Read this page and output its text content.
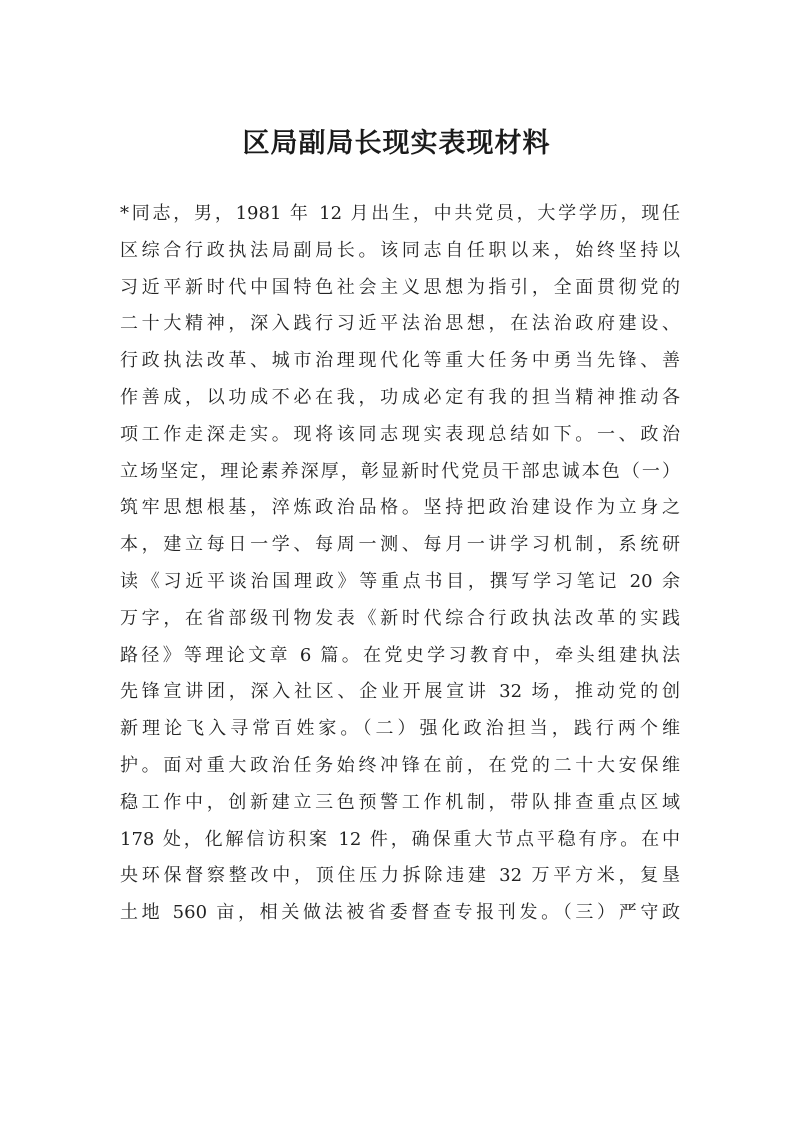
区局副局长现实表现材料
*同志，男，1981 年 12 月出生，中共党员，大学学历，现任
区综合行政执法局副局长。该同志自任职以来，始终坚持以
习近平新时代中国特色社会主义思想为指引，全面贯彻党的
二十大精神，深入践行习近平法治思想，在法治政府建设、
行政执法改革、城市治理现代化等重大任务中勇当先锋、善
作善成，以功成不必在我，功成必定有我的担当精神推动各
项工作走深走实。现将该同志现实表现总结如下。一、政治
立场坚定，理论素养深厚，彰显新时代党员干部忠诚本色（一）
筑牢思想根基，淬炼政治品格。坚持把政治建设作为立身之
本，建立每日一学、每周一测、每月一讲学习机制，系统研
读《习近平谈治国理政》等重点书目，撰写学习笔记 20 余
万字，在省部级刊物发表《新时代综合行政执法改革的实践
路径》等理论文章 6 篇。在党史学习教育中，牵头组建执法
先锋宣讲团，深入社区、企业开展宣讲 32 场，推动党的创
新理论飞入寻常百姓家。（二）强化政治担当，践行两个维
护。面对重大政治任务始终冲锋在前，在党的二十大安保维
稳工作中，创新建立三色预警工作机制，带队排查重点区域
178 处，化解信访积案 12 件，确保重大节点平稳有序。在中
央环保督察整改中，顶住压力拆除违建 32 万平方米，复垦
土地 560 亩，相关做法被省委督查专报刊发。（三）严守政
